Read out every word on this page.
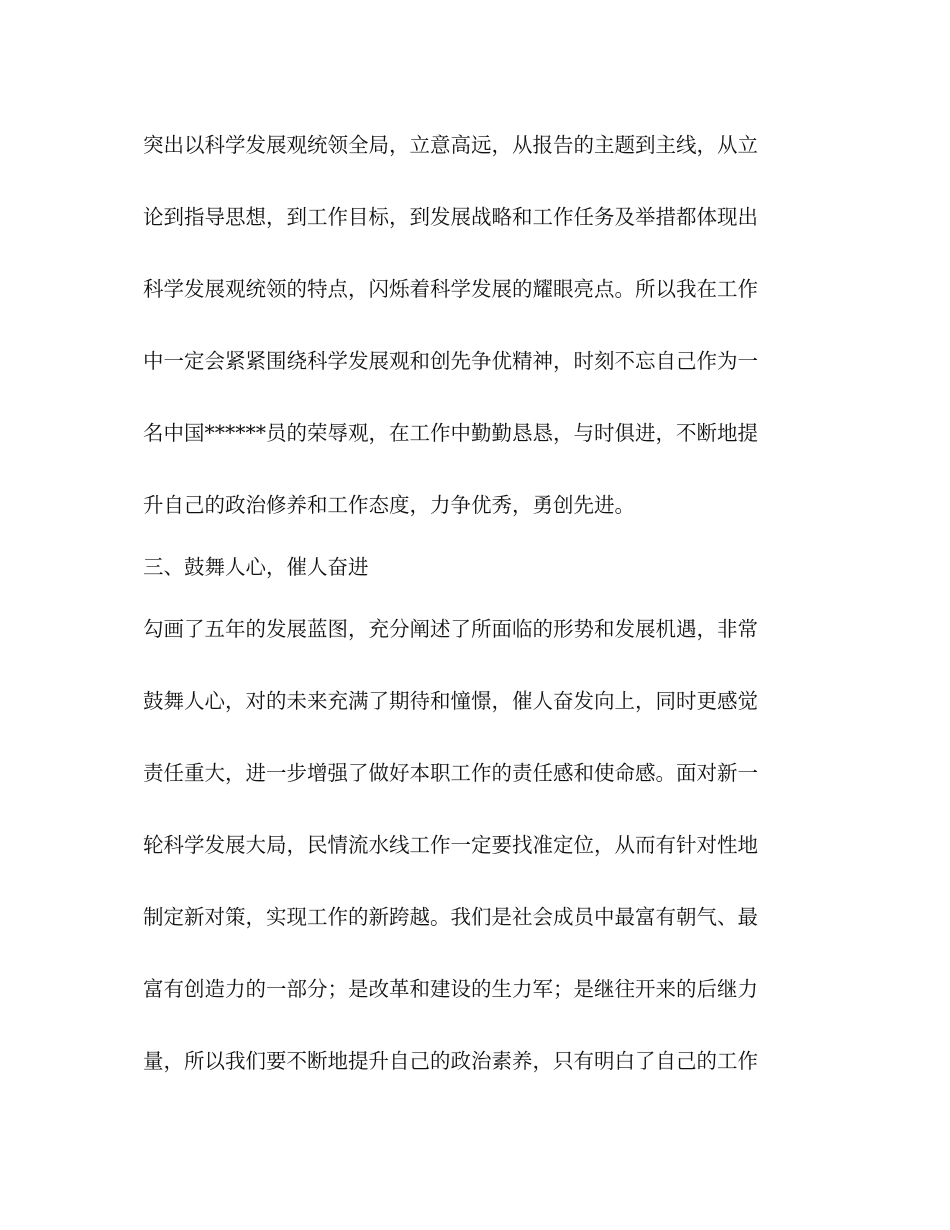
突出以科学发展观统领全局，立意高远，从报告的主题到主线，从立

论到指导思想，到工作目标，到发展战略和工作任务及举措都体现出

科学发展观统领的特点，闪烁着科学发展的耀眼亮点。所以我在工作

中一定会紧紧围绕科学发展观和创先争优精神，时刻不忘自己作为一

名中国******员的荣辱观，在工作中勤勤恳恳，与时俱进，不断地提

升自己的政治修养和工作态度，力争优秀，勇创先进。

三、鼓舞人心，催人奋进

勾画了五年的发展蓝图，充分阐述了所面临的形势和发展机遇，非常

鼓舞人心，对的未来充满了期待和憧憬，催人奋发向上，同时更感觉

责任重大，进一步增强了做好本职工作的责任感和使命感。面对新一

轮科学发展大局，民情流水线工作一定要找准定位，从而有针对性地

制定新对策，实现工作的新跨越。我们是社会成员中最富有朝气、最

富有创造力的一部分；是改革和建设的生力军；是继往开来的后继力

量，所以我们要不断地提升自己的政治素养，只有明白了自己的工作
